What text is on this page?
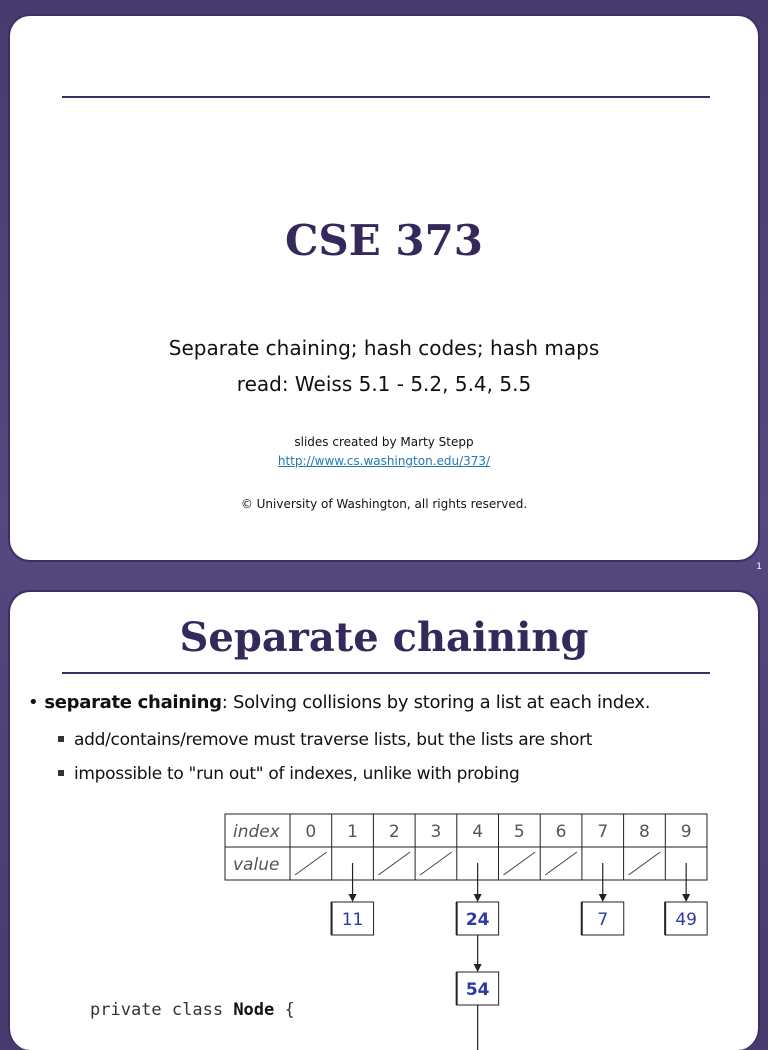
CSE 373
Separate chaining; hash codes; hash maps
read: Weiss 5.1 - 5.2, 5.4, 5.5
slides created by Marty Stepp
http://www.cs.washington.edu/373/
© University of Washington, all rights reserved.
1
Separate chaining
• separate chaining: Solving collisions by storing a list at each index.
add/contains/remove must traverse lists, but the lists are short
impossible to "run out" of indexes, unlike with probing
index
value
0 1 2 3 4 5 6 7 8 9
11	24
54
7	49
private class Node {
